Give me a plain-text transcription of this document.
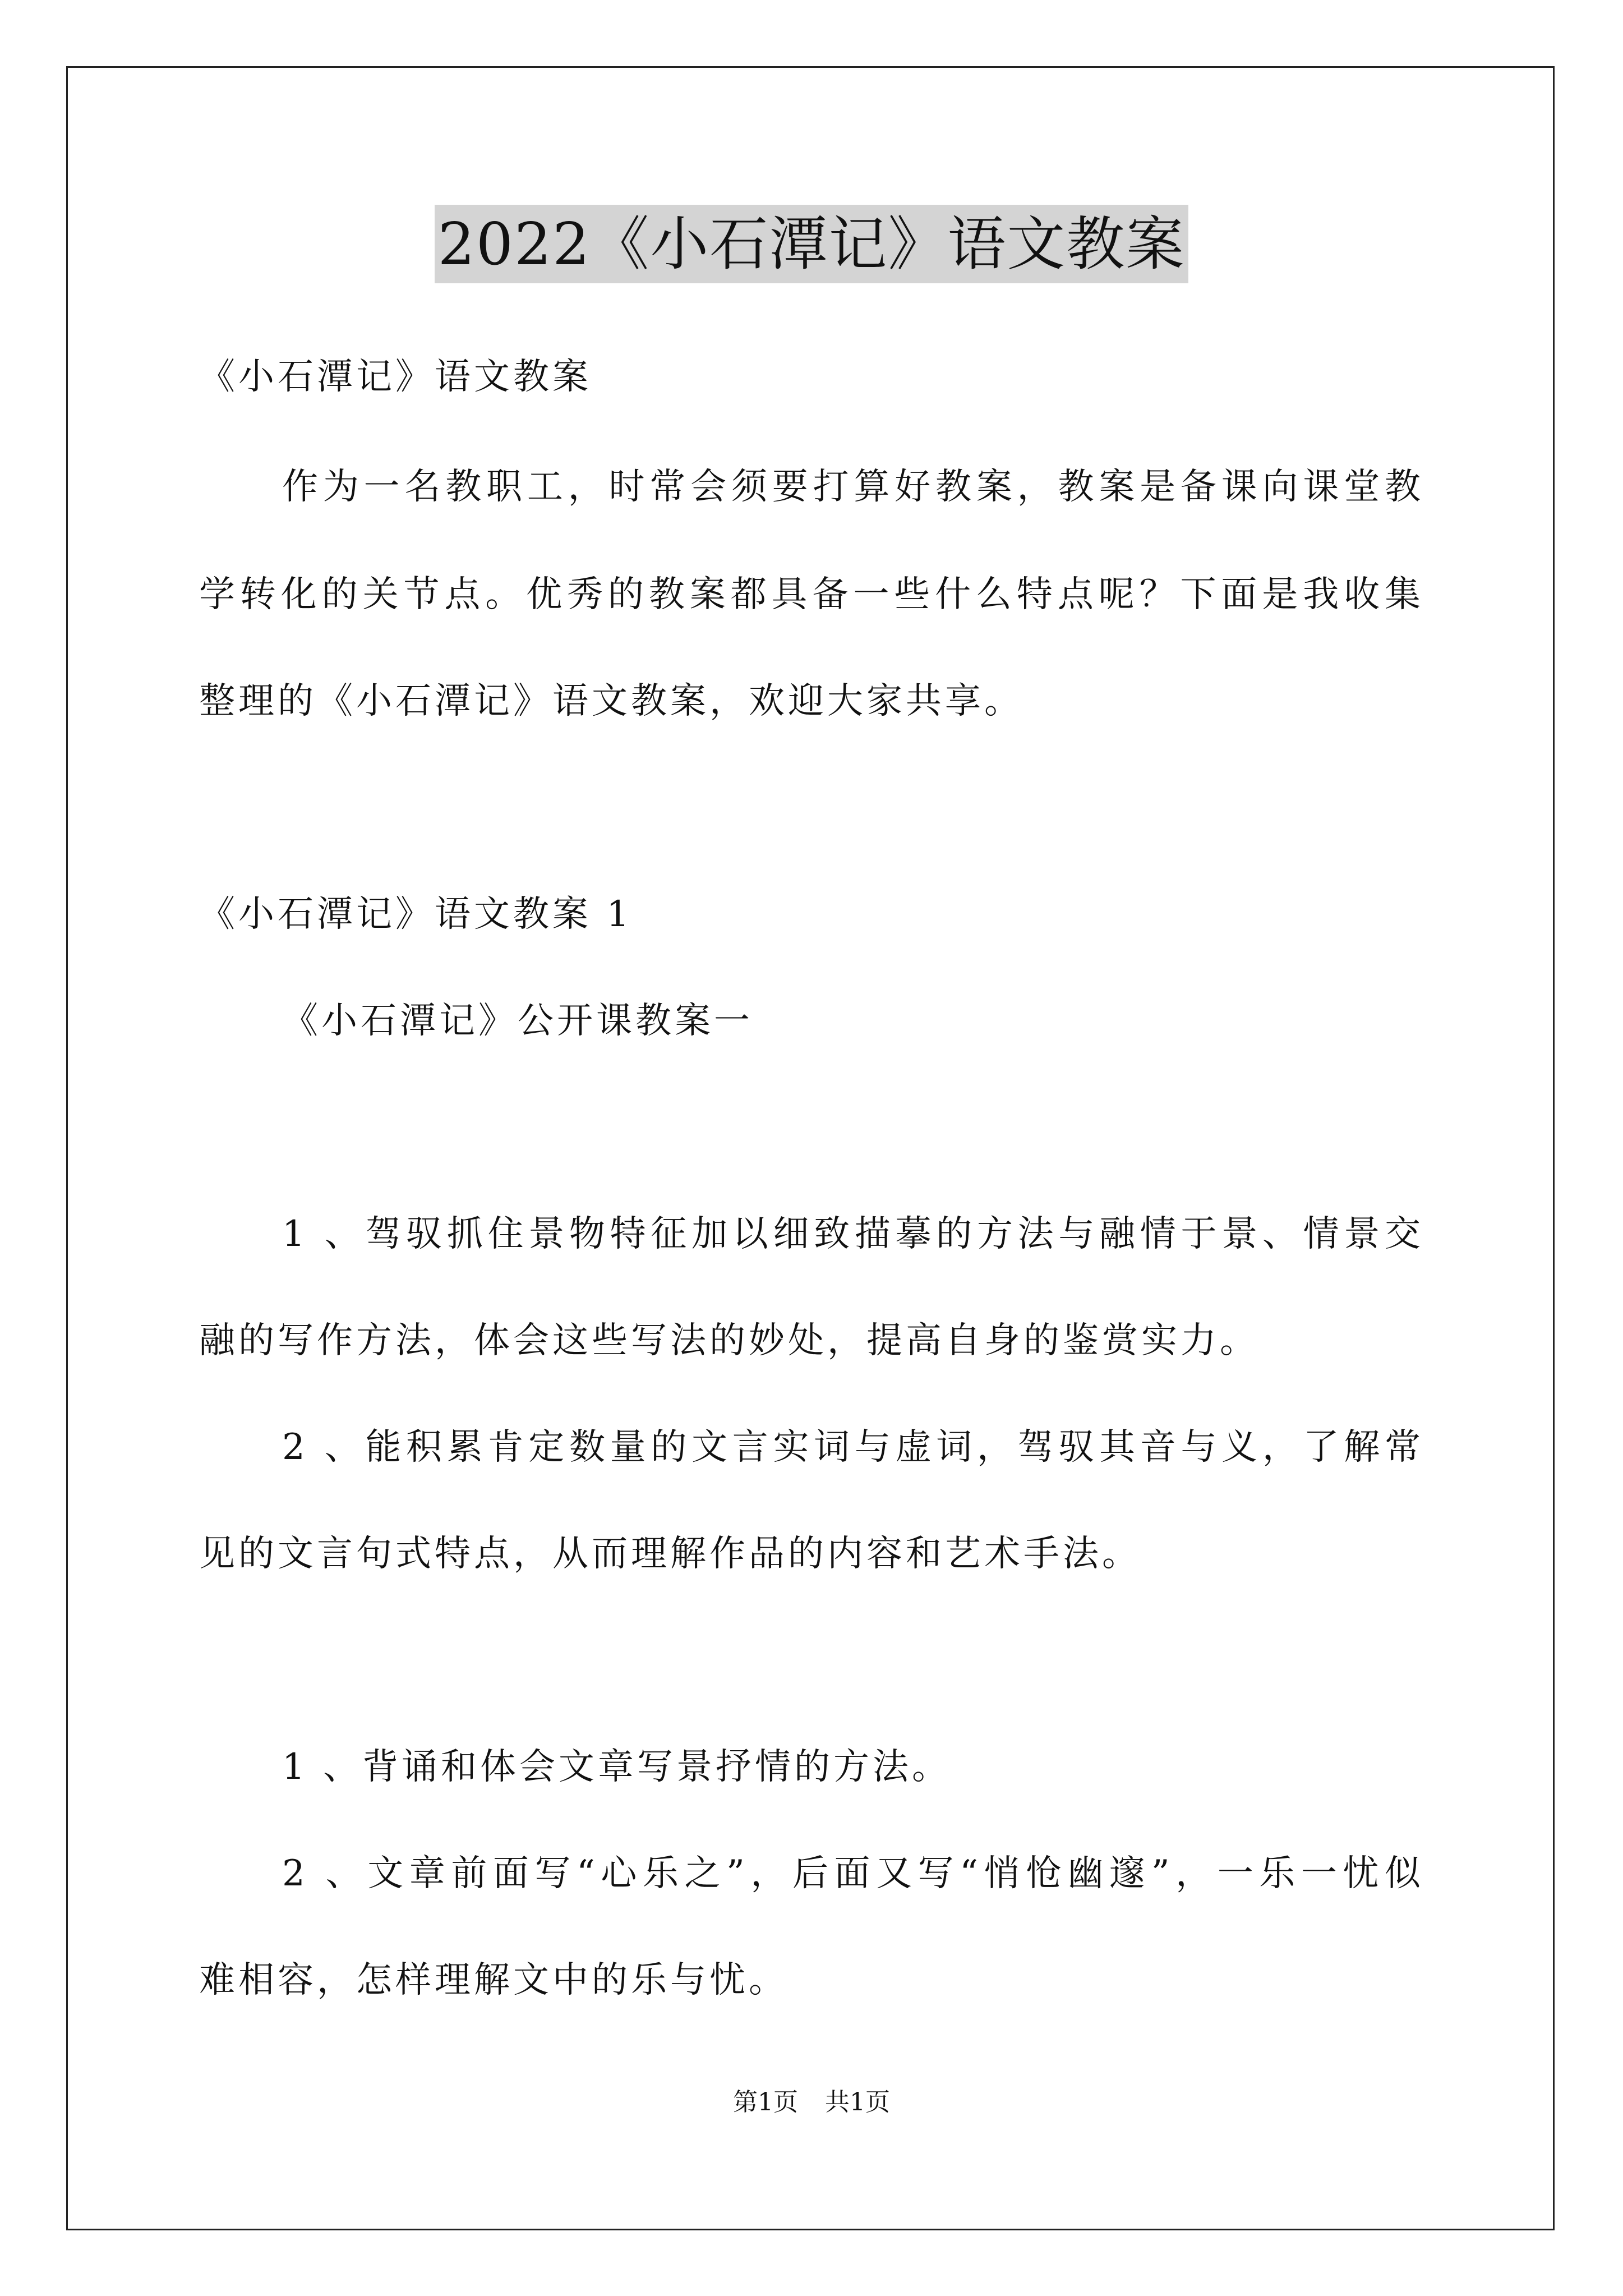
2022《小石潭记》语文教案
《小石潭记》语文教案
作为一名教职工，时常会须要打算好教案，教案是备课向课堂教
学转化的关节点。优秀的教案都具备一些什么特点呢？下面是我收集
整理的《小石潭记》语文教案，欢迎大家共享。
《小石潭记》语文教案 1
《小石潭记》公开课教案一
1 、驾驭抓住景物特征加以细致描摹的方法与融情于景、情景交
融的写作方法，体会这些写法的妙处，提高自身的鉴赏实力。
2 、能积累肯定数量的文言实词与虚词，驾驭其音与义，了解常
见的文言句式特点，从而理解作品的内容和艺术手法。
1 、背诵和体会文章写景抒情的方法。
2 、文章前面写“心乐之”，后面又写“悄怆幽邃”，一乐一忧似
难相容，怎样理解文中的乐与忧。
第1页 共1页
